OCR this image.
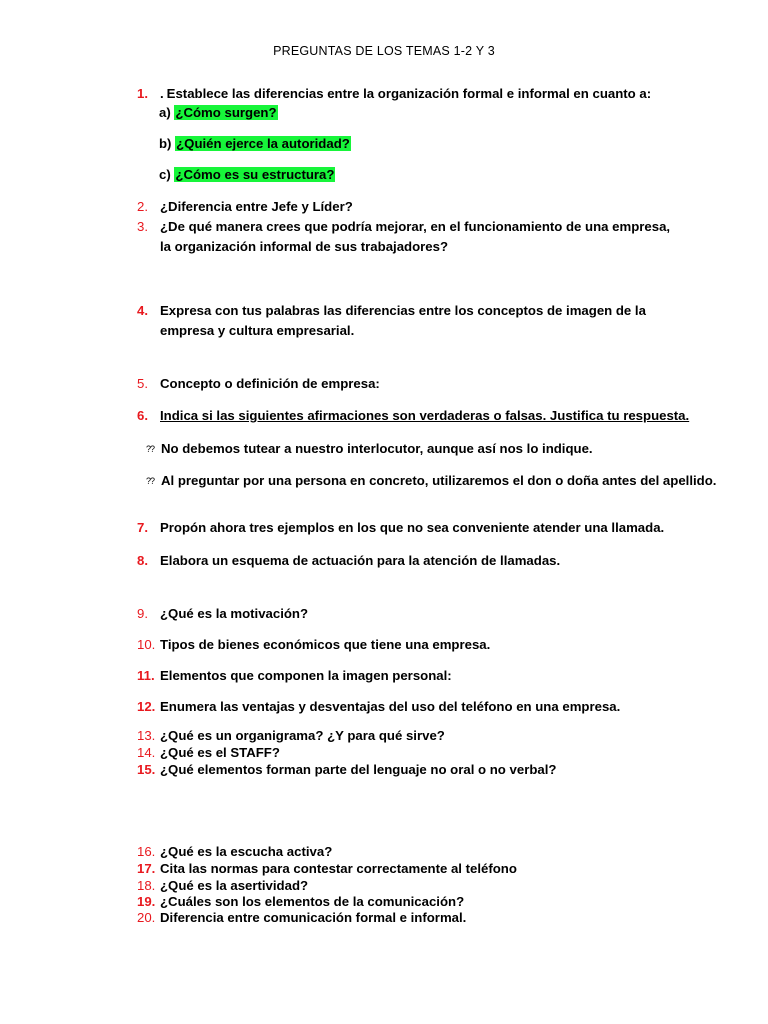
PREGUNTAS DE LOS TEMAS 1-2 Y 3
1. . Establece las diferencias entre la organización formal e informal en cuanto a:
a) ¿Cómo surgen?
b) ¿Quién ejerce la autoridad?
c) ¿Cómo es su estructura?
2. ¿Diferencia entre Jefe y Líder?
3. ¿De qué manera crees que podría mejorar, en el funcionamiento de una empresa,
la organización informal de sus trabajadores?
4. Expresa con tus palabras las diferencias entre los conceptos de imagen de la
empresa y cultura empresarial.
5. Concepto o definición de empresa:
6. Indica si las siguientes afirmaciones son verdaderas o falsas. Justifica tu respuesta.
?? No debemos tutear a nuestro interlocutor, aunque así nos lo indique.
?? Al preguntar por una persona en concreto, utilizaremos el don o doña antes del apellido.
7. Propón ahora tres ejemplos en los que no sea conveniente atender una llamada.
8. Elabora un esquema de actuación para la atención de llamadas.
9. ¿Qué es la motivación?
10. Tipos de bienes económicos que tiene una empresa.
11. Elementos que componen la imagen personal:
12. Enumera las ventajas y desventajas del uso del teléfono en una empresa.
13. ¿Qué es un organigrama? ¿Y para qué sirve?
14. ¿Qué es el STAFF?
15. ¿Qué elementos forman parte del lenguaje no oral o no verbal?
16. ¿Qué es la escucha activa?
17. Cita las normas para contestar correctamente al teléfono
18. ¿Qué es la asertividad?
19. ¿Cuáles son los elementos de la comunicación?
20. Diferencia entre comunicación formal e informal.
